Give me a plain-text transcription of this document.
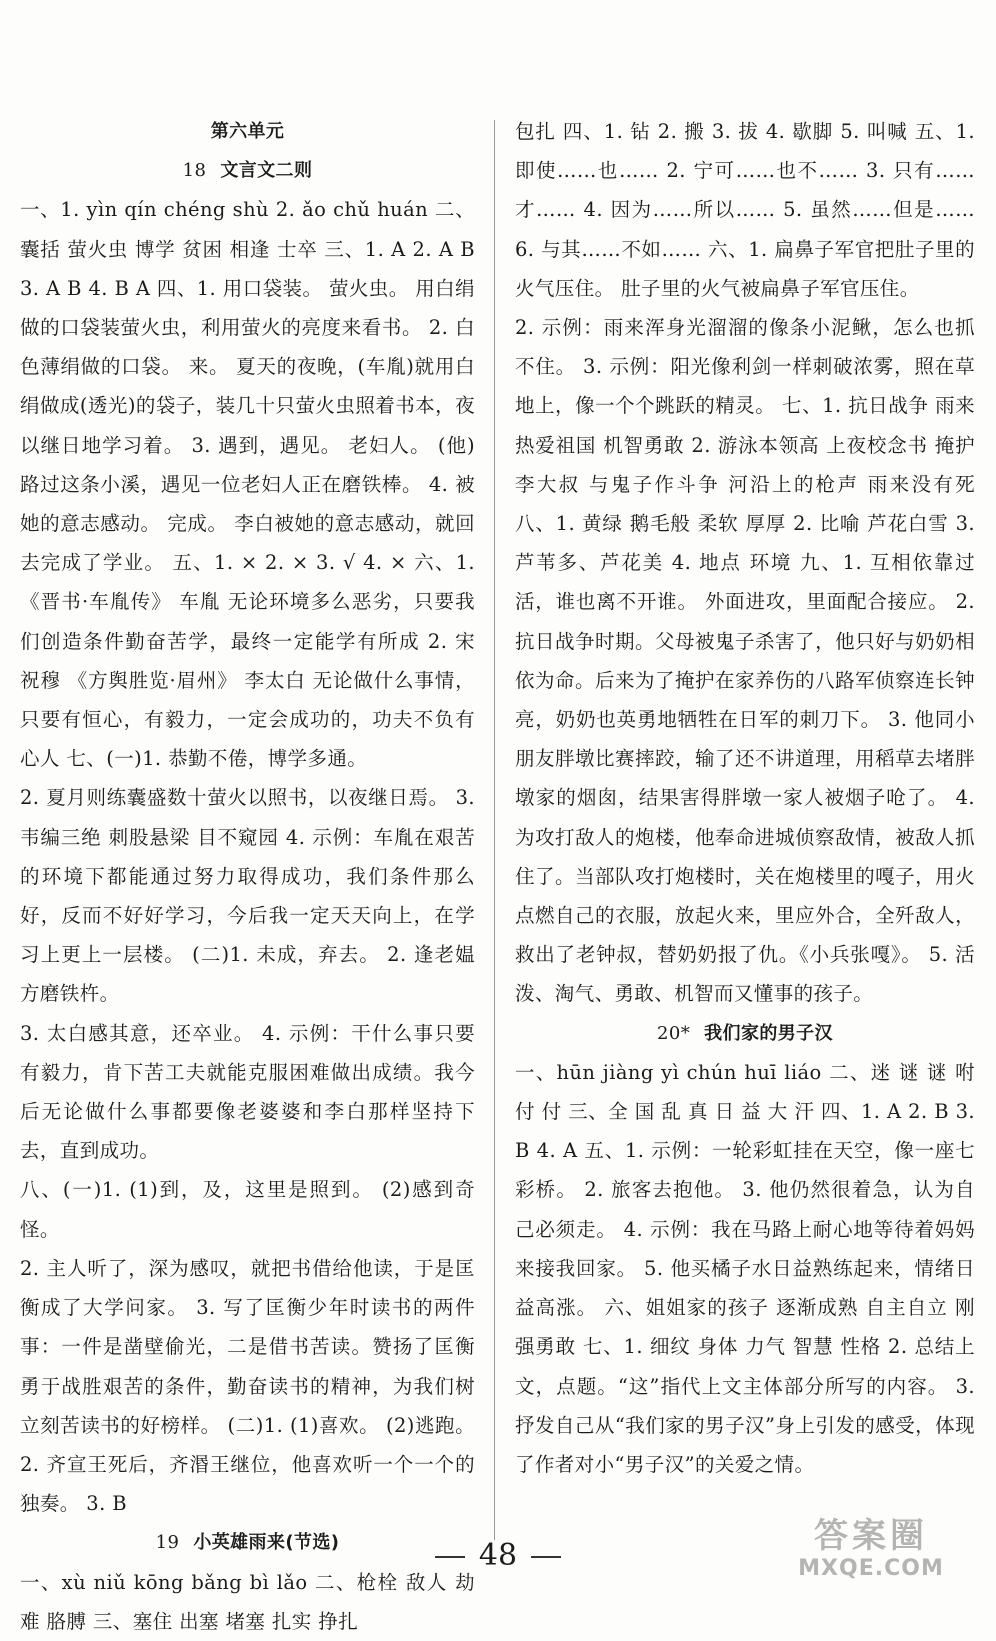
第六单元
18 文言文二则
一、1. yìn qín chéng shù 2. ǎo chǔ huán 二、囊括 萤火虫 博学 贫困 相逢 士卒 三、1. A 2. A B 3. A B 4. B A 四、1. 用口袋装。 萤火虫。 用白绢做的口袋装萤火虫，利用萤火的亮度来看书。 2. 白色薄绢做的口袋。 来。 夏天的夜晚，(车胤)就用白绢做成(透光)的袋子，装几十只萤火虫照着书本，夜以继日地学习着。 3. 遇到，遇见。 老妇人。 (他)路过这条小溪，遇见一位老妇人正在磨铁棒。 4. 被她的意志感动。 完成。 李白被她的意志感动，就回去完成了学业。 五、1. × 2. × 3. √ 4. × 六、1.《晋书·车胤传》 车胤 无论环境多么恶劣，只要我们创造条件勤奋苦学，最终一定能学有所成 2. 宋 祝穆 《方舆胜览·眉州》 李太白 无论做什么事情，只要有恒心，有毅力，一定会成功的，功夫不负有心人 七、(一)1. 恭勤不倦，博学多通。
2. 夏月则练囊盛数十萤火以照书，以夜继日焉。 3. 韦编三绝 刺股悬梁 目不窥园 4. 示例：车胤在艰苦的环境下都能通过努力取得成功，我们条件那么好，反而不好好学习，今后我一定天天向上，在学习上更上一层楼。 (二)1. 未成，弃去。 2. 逢老媪方磨铁杵。
3. 太白感其意，还卒业。 4. 示例：干什么事只要有毅力，肯下苦工夫就能克服困难做出成绩。我今后无论做什么事都要像老婆婆和李白那样坚持下去，直到成功。
八、(一)1. (1)到，及，这里是照到。 (2)感到奇怪。
2. 主人听了，深为感叹，就把书借给他读，于是匡衡成了大学问家。 3. 写了匡衡少年时读书的两件事：一件是凿壁偷光，二是借书苦读。赞扬了匡衡勇于战胜艰苦的条件，勤奋读书的精神，为我们树立刻苦读书的好榜样。 (二)1. (1)喜欢。 (2)逃跑。 2. 齐宣王死后，齐湣王继位，他喜欢听一个一个的独奏。 3. B
19 小英雄雨来(节选)
一、xù niǔ kōng bǎng bì lǎo 二、枪栓 敌人 劫难 胳膊 三、塞住 出塞 堵塞 扎实 挣扎
包扎 四、1. 钻 2. 搬 3. 拔 4. 歇脚 5. 叫喊 五、1. 即使……也…… 2. 宁可……也不…… 3. 只有……才…… 4. 因为……所以…… 5. 虽然……但是…… 6. 与其……不如…… 六、1. 扁鼻子军官把肚子里的火气压住。 肚子里的火气被扁鼻子军官压住。
2. 示例：雨来浑身光溜溜的像条小泥鳅，怎么也抓不住。 3. 示例：阳光像利剑一样刺破浓雾，照在草地上，像一个个跳跃的精灵。 七、1. 抗日战争 雨来 热爱祖国 机智勇敢 2. 游泳本领高 上夜校念书 掩护李大叔 与鬼子作斗争 河沿上的枪声 雨来没有死 八、1. 黄绿 鹅毛般 柔软 厚厚 2. 比喻 芦花白雪 3. 芦苇多、芦花美 4. 地点 环境 九、1. 互相依靠过活，谁也离不开谁。 外面进攻，里面配合接应。 2. 抗日战争时期。父母被鬼子杀害了，他只好与奶奶相依为命。后来为了掩护在家养伤的八路军侦察连长钟亮，奶奶也英勇地牺牲在日军的刺刀下。 3. 他同小朋友胖墩比赛摔跤，输了还不讲道理，用稻草去堵胖墩家的烟囱，结果害得胖墩一家人被烟子呛了。 4. 为攻打敌人的炮楼，他奉命进城侦察敌情，被敌人抓住了。当部队攻打炮楼时，关在炮楼里的嘎子，用火点燃自己的衣服，放起火来，里应外合，全歼敌人，救出了老钟叔，替奶奶报了仇。《小兵张嘎》。 5. 活泼、淘气、勇敢、机智而又懂事的孩子。
20* 我们家的男子汉
一、hūn jiàng yì chún huī liáo 二、迷 谜 谜 咐 付 付 三、全 国 乱 真 日 益 大 汗 四、1. A 2. B 3. B 4. A 五、1. 示例：一轮彩虹挂在天空，像一座七彩桥。 2. 旅客去抱他。 3. 他仍然很着急，认为自己必须走。 4. 示例：我在马路上耐心地等待着妈妈来接我回家。 5. 他买橘子水日益熟练起来，情绪日益高涨。 六、姐姐家的孩子 逐渐成熟 自主自立 刚强勇敢 七、1. 细纹 身体 力气 智慧 性格 2. 总结上文，点题。“这”指代上文主体部分所写的内容。 3. 抒发自己从“我们家的男子汉”身上引发的感受，体现了作者对小“男子汉”的关爱之情。
48	答案圈
MXQE.COM
